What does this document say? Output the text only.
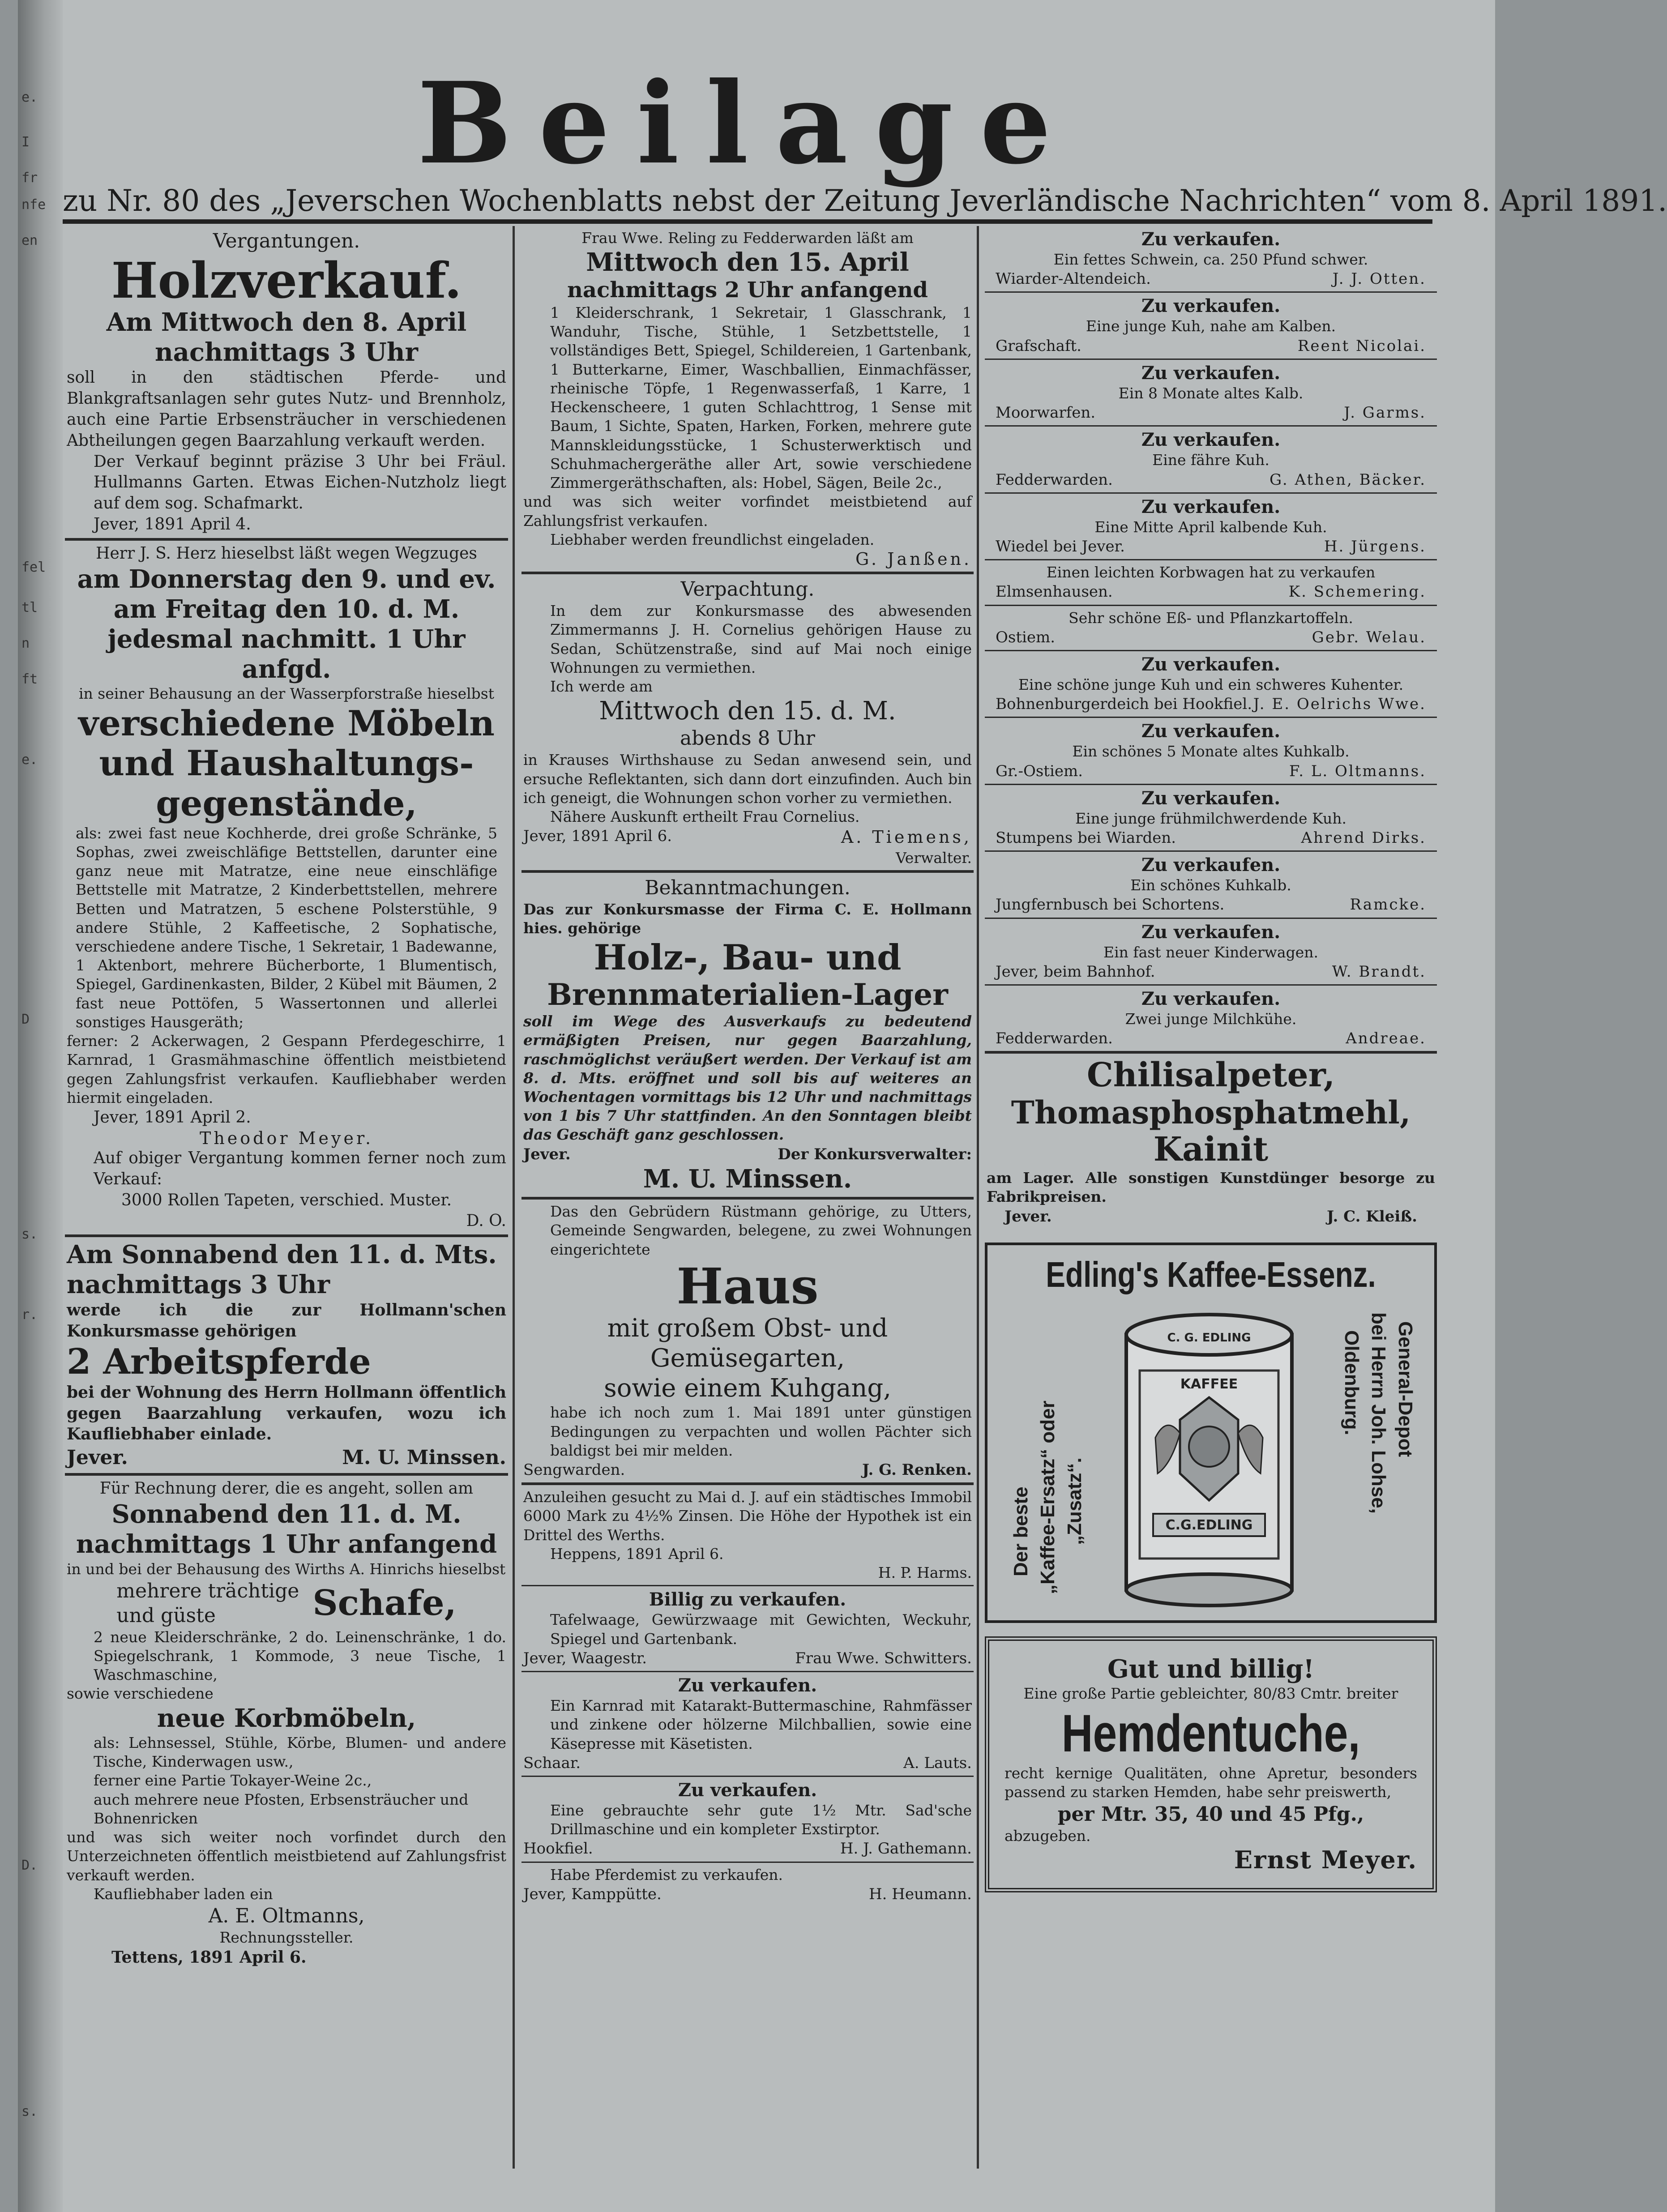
e.
I
fr
nfe
en
fel
tl
n
ft
e.
D
s.
r.
D.
s.
Beilage
zu Nr. 80 des „Jeverschen Wochenblatts nebst der Zeitung Jeverländische Nachrichten“ vom 8. April 1891.
Vergantungen.
Holzverkauf.
Am Mittwoch den 8. April
nachmittags 3 Uhr
soll in den städtischen Pferde- und Blankgraftsanlagen sehr gutes Nutz- und Brennholz, auch eine Partie Erbsensträucher in verschiedenen Abtheilungen gegen Baarzahlung verkauft werden.
Der Verkauf beginnt präzise 3 Uhr bei Fräul. Hullmanns Garten. Etwas Eichen-Nutzholz liegt auf dem sog. Schafmarkt.
Jever, 1891 April 4.
Herr J. S. Herz hieselbst läßt wegen Wegzuges
am Donnerstag den 9. und ev.
am Freitag den 10. d. M.
jedesmal nachmitt. 1 Uhr anfgd.
in seiner Behausung an der Wasserpforstraße hieselbst
verschiedene Möbeln
und Haushaltungs-
gegenstände,
als: zwei fast neue Kochherde, drei große Schränke, 5 Sophas, zwei zweischläfige Bettstellen, darunter eine ganz neue mit Matratze, eine neue einschläfige Bettstelle mit Matratze, 2 Kinderbettstellen, mehrere Betten und Matratzen, 5 eschene Polsterstühle, 9 andere Stühle, 2 Kaffeetische, 2 Sophatische, verschiedene andere Tische, 1 Sekretair, 1 Badewanne, 1 Aktenbort, mehrere Bücherborte, 1 Blumentisch, Spiegel, Gardinenkasten, Bilder, 2 Kübel mit Bäumen, 2 fast neue Pottöfen, 5 Wassertonnen und allerlei sonstiges Hausgeräth;
ferner: 2 Ackerwagen, 2 Gespann Pferdegeschirre, 1 Karnrad, 1 Grasmähmaschine öffentlich meistbietend gegen Zahlungsfrist verkaufen. Kaufliebhaber werden hiermit eingeladen.
Jever, 1891 April 2.
Theodor Meyer.
Auf obiger Vergantung kommen ferner noch zum Verkauf:
3000 Rollen Tapeten, verschied. Muster.
D. O.
Am Sonnabend den 11. d. Mts.
nachmittags 3 Uhr
werde ich die zur Hollmann'schen Konkursmasse gehörigen
2 Arbeitspferde
bei der Wohnung des Herrn Hollmann öffentlich gegen Baarzahlung verkaufen, wozu ich Kaufliebhaber einlade.
Jever.	M. U. Minssen.
Für Rechnung derer, die es angeht, sollen am
Sonnabend den 11. d. M.
nachmittags 1 Uhr anfangend
in und bei der Behausung des Wirths A. Hinrichs hieselbst
mehrere trächtige
und güste	Schafe,
2 neue Kleiderschränke, 2 do. Leinenschränke, 1 do. Spiegelschrank, 1 Kommode, 3 neue Tische, 1 Waschmaschine,
sowie verschiedene
neue Korbmöbeln,
als: Lehnsessel, Stühle, Körbe, Blumen- und andere Tische, Kinderwagen usw.,
ferner eine Partie Tokayer-Weine 2c.,
auch mehrere neue Pfosten, Erbsensträucher und Bohnenricken
und was sich weiter noch vorfindet durch den Unterzeichneten öffentlich meistbietend auf Zahlungsfrist verkauft werden.
Kaufliebhaber laden ein
A. E. Oltmanns,
Rechnungssteller.
Tettens, 1891 April 6.
Frau Wwe. Reling zu Fedderwarden läßt am
Mittwoch den 15. April
nachmittags 2 Uhr anfangend
1 Kleiderschrank, 1 Sekretair, 1 Glasschrank, 1 Wanduhr, Tische, Stühle, 1 Setzbettstelle, 1 vollständiges Bett, Spiegel, Schildereien, 1 Gartenbank, 1 Butterkarne, Eimer, Waschballien, Einmachfässer, rheinische Töpfe, 1 Regenwasserfaß, 1 Karre, 1 Heckenscheere, 1 guten Schlachttrog, 1 Sense mit Baum, 1 Sichte, Spaten, Harken, Forken, mehrere gute Mannskleidungsstücke, 1 Schusterwerktisch und Schuhmachergeräthe aller Art, sowie verschiedene Zimmergeräthschaften, als: Hobel, Sägen, Beile 2c.,
und was sich weiter vorfindet meistbietend auf Zahlungsfrist verkaufen.
Liebhaber werden freundlichst eingeladen.
G. Janßen.
Verpachtung.
In dem zur Konkursmasse des abwesenden Zimmermanns J. H. Cornelius gehörigen Hause zu Sedan, Schützenstraße, sind auf Mai noch einige Wohnungen zu vermiethen.
Ich werde am
Mittwoch den 15. d. M.
abends 8 Uhr
in Krauses Wirthshause zu Sedan anwesend sein, und ersuche Reflektanten, sich dann dort einzufinden. Auch bin ich geneigt, die Wohnungen schon vorher zu vermiethen.
Nähere Auskunft ertheilt Frau Cornelius.
Jever, 1891 April 6.	A. Tiemens,
Verwalter.
Bekanntmachungen.
Das zur Konkursmasse der Firma C. E. Hollmann hies. gehörige
Holz-, Bau- und
Brennmaterialien-Lager
soll im Wege des Ausverkaufs zu bedeutend ermäßigten Preisen, nur gegen Baarzahlung, raschmöglichst veräußert werden. Der Verkauf ist am 8. d. Mts. eröffnet und soll bis auf weiteres an Wochentagen vormittags bis 12 Uhr und nachmittags von 1 bis 7 Uhr stattfinden. An den Sonntagen bleibt das Geschäft ganz geschlossen.
Jever.	Der Konkursverwalter:
M. U. Minssen.
Das den Gebrüdern Rüstmann gehörige, zu Utters, Gemeinde Sengwarden, belegene, zu zwei Wohnungen eingerichtete
Haus
mit großem Obst- und Gemüsegarten,
sowie einem Kuhgang,
habe ich noch zum 1. Mai 1891 unter günstigen Bedingungen zu verpachten und wollen Pächter sich baldigst bei mir melden.
Sengwarden.	J. G. Renken.
Anzuleihen gesucht zu Mai d. J. auf ein städtisches Immobil 6000 Mark zu 4½% Zinsen. Die Höhe der Hypothek ist ein Drittel des Werths.
Heppens, 1891 April 6.
H. P. Harms.
Billig zu verkaufen.
Tafelwaage, Gewürzwaage mit Gewichten, Weckuhr, Spiegel und Gartenbank.
Jever, Waagestr.	Frau Wwe. Schwitters.
Zu verkaufen.
Ein Karnrad mit Katarakt-Buttermaschine, Rahmfässer und zinkene oder hölzerne Milchballien, sowie eine Käsepresse mit Käsetisten.
Schaar.	A. Lauts.
Zu verkaufen.
Eine gebrauchte sehr gute 1½ Mtr. Sad'sche Drillmaschine und ein kompleter Exstirptor.
Hookfiel.	H. J. Gathemann.
Habe Pferdemist zu verkaufen.
Jever, Kamppütte.	H. Heumann.
Zu verkaufen.
Ein fettes Schwein, ca. 250 Pfund schwer.
Wiarder-Altendeich.	J. J. Otten.
Zu verkaufen.
Eine junge Kuh, nahe am Kalben.
Grafschaft.	Reent Nicolai.
Zu verkaufen.
Ein 8 Monate altes Kalb.
Moorwarfen.	J. Garms.
Zu verkaufen.
Eine fähre Kuh.
Fedderwarden.	G. Athen, Bäcker.
Zu verkaufen.
Eine Mitte April kalbende Kuh.
Wiedel bei Jever.	H. Jürgens.
Einen leichten Korbwagen hat zu verkaufen
Elmsenhausen.	K. Schemering.
Sehr schöne Eß- und Pflanzkartoffeln.
Ostiem.	Gebr. Welau.
Zu verkaufen.
Eine schöne junge Kuh und ein schweres Kuhenter.
Bohnenburgerdeich bei Hookfiel. J. E. Oelrichs Wwe.
Zu verkaufen.
Ein schönes 5 Monate altes Kuhkalb.
Gr.-Ostiem.	F. L. Oltmanns.
Zu verkaufen.
Eine junge frühmilchwerdende Kuh.
Stumpens bei Wiarden.	Ahrend Dirks.
Zu verkaufen.
Ein schönes Kuhkalb.
Jungfernbusch bei Schortens.	Ramcke.
Zu verkaufen.
Ein fast neuer Kinderwagen.
Jever, beim Bahnhof.	W. Brandt.
Zu verkaufen.
Zwei junge Milchkühe.
Fedderwarden.	Andreae.
Chilisalpeter,
Thomasphosphatmehl,
Kainit
am Lager. Alle sonstigen Kunstdünger besorge zu Fabrikpreisen.
Jever.	J. C. Kleiß.
Edling's Kaffee-Essenz.
Der beste „Kaffee-Ersatz“ oder „Zusatz“.
C. G. EDLING
KAFFEE
C.G.EDLING
General-Depot
bei Herrn Joh. Lohse,
Oldenburg.
Gut und billig!
Eine große Partie gebleichter, 80/83 Cmtr. breiter
Hemdentuche,
recht kernige Qualitäten, ohne Apretur, besonders passend zu starken Hemden, habe sehr preiswerth,
per Mtr. 35, 40 und 45 Pfg.,
abzugeben.
Ernst Meyer.
